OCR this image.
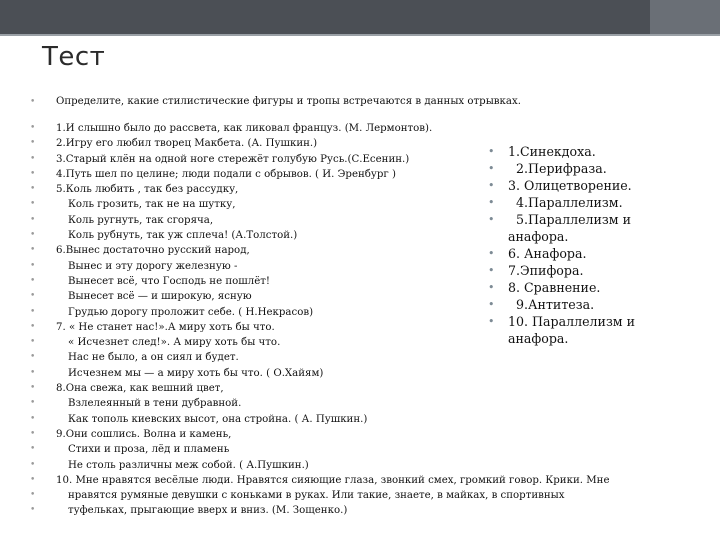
Тест
•	Определите, какие стилистические фигуры и тропы встречаются в данных отрывках.
•	1.И слышно было до рассвета, как ликовал француз. (М. Лермонтов).
•	2.Игру его любил творец Макбета. (А. Пушкин.)
•	3.Старый клён на одной ноге стережёт голубую Русь.(С.Есенин.)
•	4.Путь шел по целине; люди подали с обрывов. ( И. Эренбург )
•	5.Коль любить , так без рассудку,
•	Коль грозить, так не на шутку,
•	Коль ругнуть, так сгоряча,
•	Коль рубнуть, так уж сплеча! (А.Толстой.)
•	6.Вынес достаточно русский народ,
•	Вынес и эту дорогу железную -
•	Вынесет всё, что Господь не пошлёт!
•	Вынесет всё — и широкую, ясную
•	Грудью дорогу проложит себе. ( Н.Некрасов)
•	7. « Не станет нас!».А миру хоть бы что.
•	« Исчезнет след!». А миру хоть бы что.
•	Нас не было, а он сиял и будет.
•	Исчезнем мы — а миру хоть бы что. ( О.Хайям)
•	8.Она свежа, как вешний цвет,
•	Взлелеянный в тени дубравной.
•	Как тополь киевских высот, она стройна. ( А. Пушкин.)
•	9.Они сошлись. Волна и камень,
•	Стихи и проза, лёд и пламень
•	Не столь различны меж собой. ( А.Пушкин.)
•	10. Мне нравятся весёлые люди. Нравятся сияющие глаза, звонкий смех, громкий говор. Крики. Мне
•	нравятся румяные девушки с коньками в руках. Или такие, знаете, в майках, в спортивных
•	туфельках, прыгающие вверх и вниз. (М. Зощенко.)
•	1.Синекдоха.
•	2.Перифраза.
•	3. Олицетворение.
•	4.Параллелизм.
•	5.Параллелизм и
анафора.
•	6. Анафора.
•	7.Эпифора.
•	8. Сравнение.
•	9.Антитеза.
•	10. Параллелизм и
анафора.
